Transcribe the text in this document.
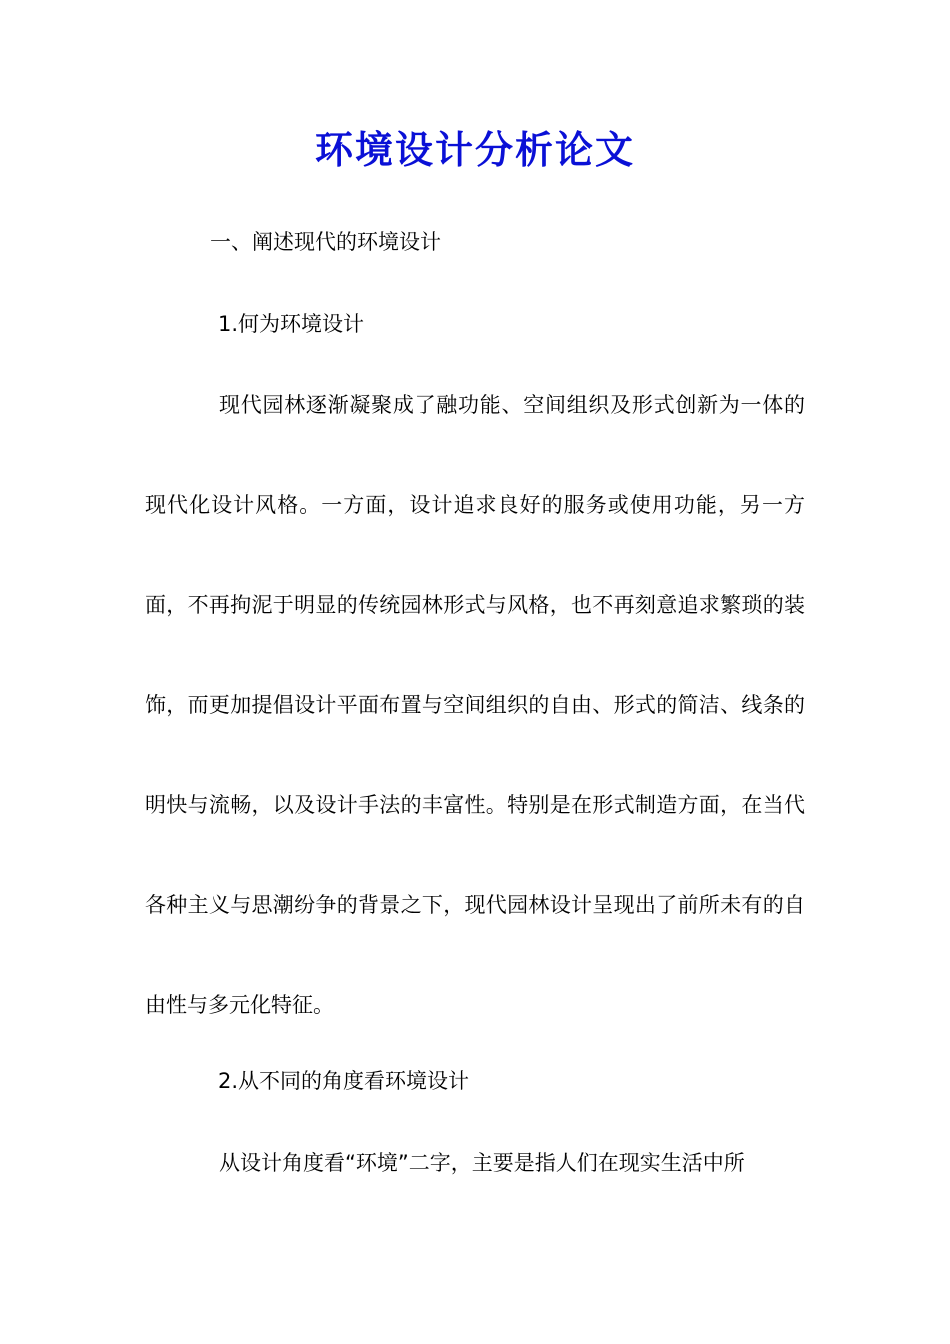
环境设计分析论文

一、阐述现代的环境设计

1.何为环境设计

现代园林逐渐凝聚成了融功能、空间组织及形式创新为一体的现代化设计风格。一方面，设计追求良好的服务或使用功能，另一方面，不再拘泥于明显的传统园林形式与风格，也不再刻意追求繁琐的装饰，而更加提倡设计平面布置与空间组织的自由、形式的简洁、线条的明快与流畅，以及设计手法的丰富性。特别是在形式制造方面，在当代各种主义与思潮纷争的背景之下，现代园林设计呈现出了前所未有的自由性与多元化特征。

2.从不同的角度看环境设计

从设计角度看“环境”二字，主要是指人们在现实生活中所
